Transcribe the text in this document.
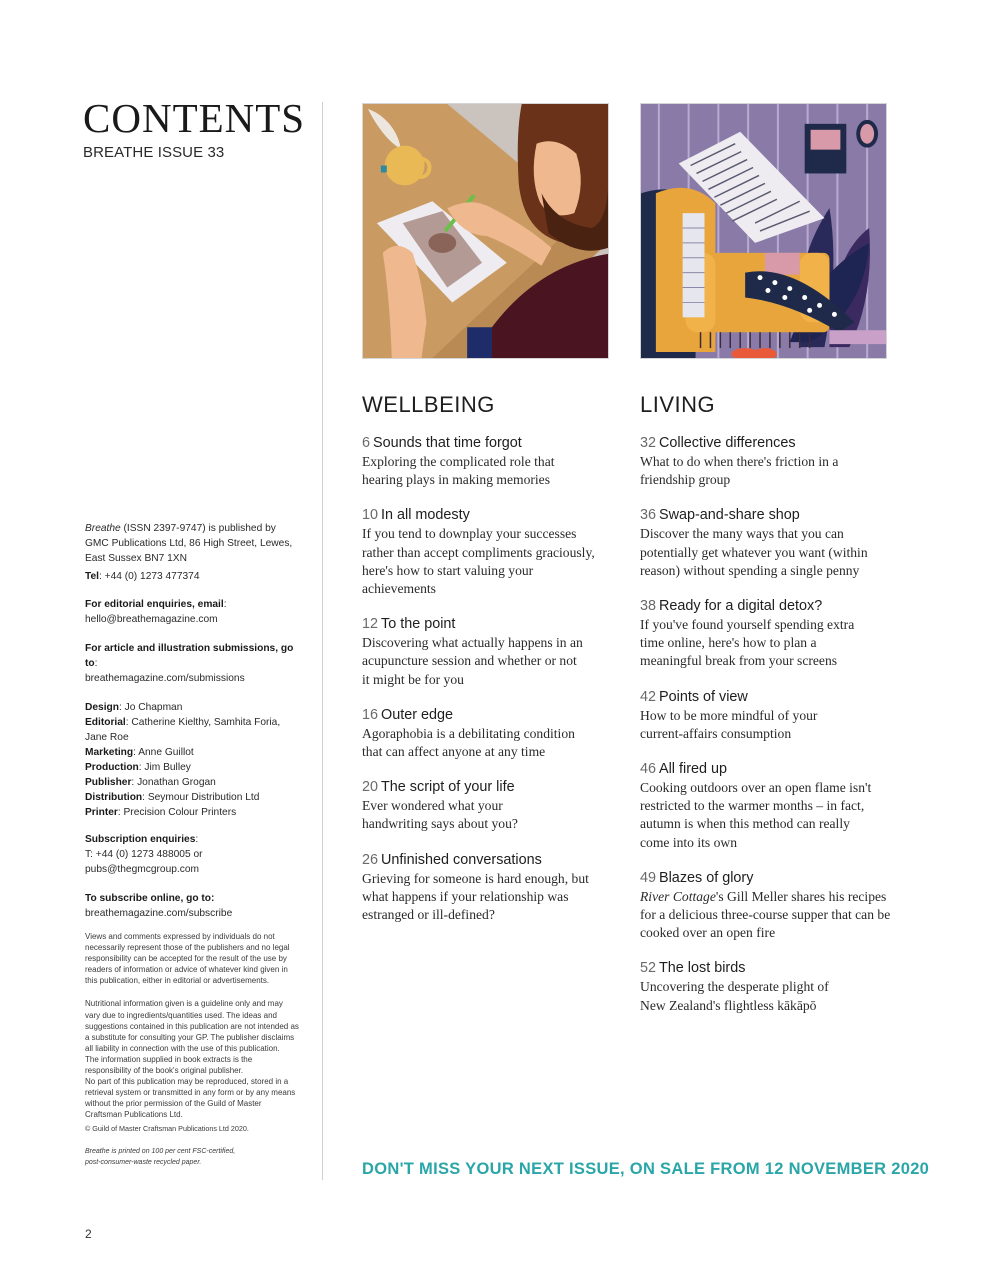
CONTENTS
BREATHE ISSUE 33
Breathe (ISSN 2397-9747) is published by GMC Publications Ltd, 86 High Street, Lewes, East Sussex BN7 1XN
Tel: +44 (0) 1273 477374
For editorial enquiries, email:
hello@breathemagazine.com
For article and illustration submissions, go to:
breathemagazine.com/submissions
Design: Jo Chapman
Editorial: Catherine Kielthy, Samhita Foria, Jane Roe
Marketing: Anne Guillot
Production: Jim Bulley
Publisher: Jonathan Grogan
Distribution: Seymour Distribution Ltd
Printer: Precision Colour Printers
Subscription enquiries:
T: +44 (0) 1273 488005 or
pubs@thegmcgroup.com
To subscribe online, go to:
breathemagazine.com/subscribe
Views and comments expressed by individuals do not necessarily represent those of the publishers and no legal responsibility can be accepted for the result of the use by readers of information or advice of whatever kind given in this publication, either in editorial or advertisements.
Nutritional information given is a guideline only and may vary due to ingredients/quantities used. The ideas and suggestions contained in this publication are not intended as a substitute for consulting your GP. The publisher disclaims all liability in connection with the use of this publication.
The information supplied in book extracts is the responsibility of the book's original publisher.
No part of this publication may be reproduced, stored in a retrieval system or transmitted in any form or by any means without the prior permission of the Guild of Master Craftsman Publications Ltd.
© Guild of Master Craftsman Publications Ltd 2020.
Breathe is printed on 100 per cent FSC-certified,
post-consumer-waste recycled paper.
2
WELLBEING
6 Sounds that time forgot
Exploring the complicated role that hearing plays in making memories
10 In all modesty
If you tend to downplay your successes rather than accept compliments graciously, here's how to start valuing your achievements
12 To the point
Discovering what actually happens in an acupuncture session and whether or not it might be for you
16 Outer edge
Agoraphobia is a debilitating condition that can affect anyone at any time
20 The script of your life
Ever wondered what your handwriting says about you?
26 Unfinished conversations
Grieving for someone is hard enough, but what happens if your relationship was estranged or ill-defined?
LIVING
32 Collective differences
What to do when there's friction in a friendship group
36 Swap-and-share shop
Discover the many ways that you can potentially get whatever you want (within reason) without spending a single penny
38 Ready for a digital detox?
If you've found yourself spending extra time online, here's how to plan a meaningful break from your screens
42 Points of view
How to be more mindful of your current-affairs consumption
46 All fired up
Cooking outdoors over an open flame isn't restricted to the warmer months – in fact, autumn is when this method can really come into its own
49 Blazes of glory
River Cottage's Gill Meller shares his recipes for a delicious three-course supper that can be cooked over an open fire
52 The lost birds
Uncovering the desperate plight of New Zealand's flightless kākāpō
DON'T MISS YOUR NEXT ISSUE, ON SALE FROM 12 NOVEMBER 2020
